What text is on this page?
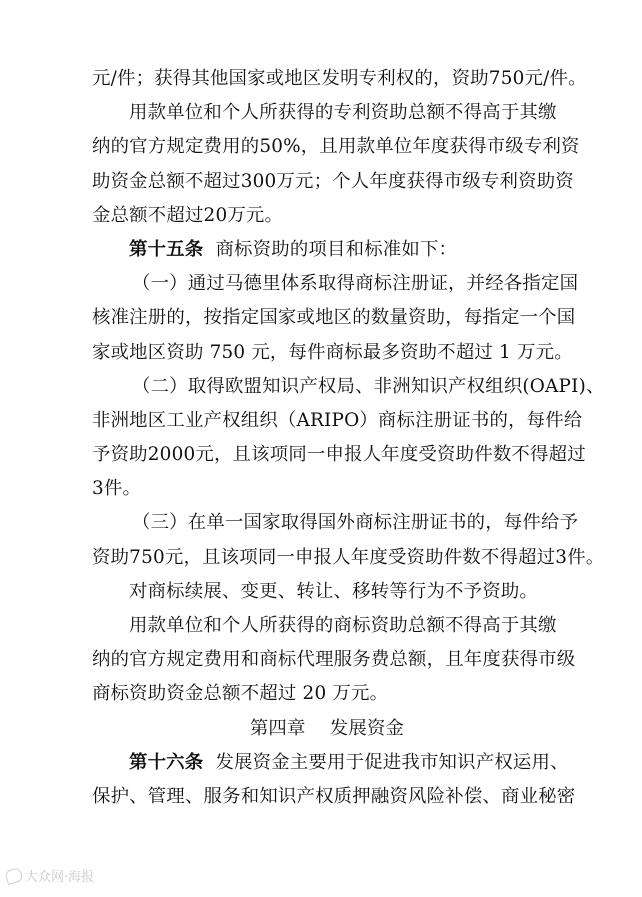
元/件；获得其他国家或地区发明专利权的，资助750元/件。
用款单位和个人所获得的专利资助总额不得高于其缴
纳的官方规定费用的50%，且用款单位年度获得市级专利资
助资金总额不超过300万元；个人年度获得市级专利资助资
金总额不超过20万元。
第十五条  商标资助的项目和标准如下：
（一）通过马德里体系取得商标注册证，并经各指定国
核准注册的，按指定国家或地区的数量资助，每指定一个国
家或地区资助 750 元，每件商标最多资助不超过 1 万元。
（二）取得欧盟知识产权局、非洲知识产权组织(OAPI)、
非洲地区工业产权组织（ARIPO）商标注册证书的，每件给
予资助2000元，且该项同一申报人年度受资助件数不得超过
3件。
（三）在单一国家取得国外商标注册证书的，每件给予
资助750元，且该项同一申报人年度受资助件数不得超过3件。
对商标续展、变更、转让、移转等行为不予资助。
用款单位和个人所获得的商标资助总额不得高于其缴
纳的官方规定费用和商标代理服务费总额，且年度获得市级
商标资助资金总额不超过 20 万元。
第四章    发展资金
第十六条  发展资金主要用于促进我市知识产权运用、
保护、管理、服务和知识产权质押融资风险补偿、商业秘密
大众网·海报
